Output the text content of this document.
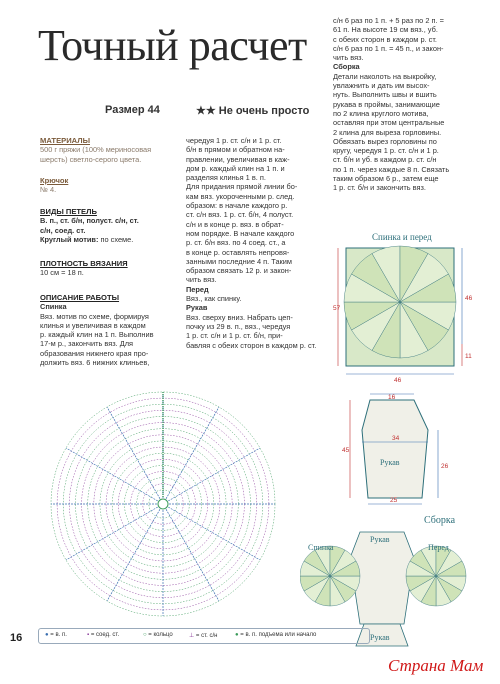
Точный расчет
Размер 44	★★ Не очень просто
МАТЕРИАЛЫ
500 г пряжи (100% мериносовая
шерсть) светло-серого цвета.
Крючок
№ 4.
ВИДЫ ПЕТЕЛЬ
В. п., ст. б/н, полуст. с/н, ст.
с/н, соед. ст.
Круглый мотив: по схеме.
ПЛОТНОСТЬ ВЯЗАНИЯ
10 см = 18 п.
ОПИСАНИЕ РАБОТЫ
Спинка
Вяз. мотив по схеме, формируя
клинья и увеличивая в каждом
р. каждый клин на 1 п. Выполнив
17-м р., закончить вяз. Для
образования нижнего края про-
должить вяз. 6 нижних клиньев,
чередуя 1 р. ст. с/н и 1 р. ст.
б/н в прямом и обратном на-
правлении, увеличивая в каж-
дом р. каждый клин на 1 п. и
разделяя клинья 1 в. п.
Для придания прямой линии бо-
кам вяз. укороченными р. след.
образом: в начале каждого р.
ст. с/н вяз. 1 р. ст. б/н, 4 полуст.
с/н и в конце р. вяз. в обрат-
ном порядке. В начале каждого
р. ст. б/н вяз. по 4 соед. ст., а
в конце р. оставлять непровя-
занными последние 4 п. Таким
образом связать 12 р. и закон-
чить вяз.
Перед
Вяз., как спинку.
Рукав
Вяз. сверху вниз. Набрать цеп-
почку из 29 в. п., вяз., чередуя
1 р. ст. с/н и 1 р. ст. б/н, при-
бавляя с обеих сторон в каждом р. ст.
с/н 6 раз по 1 п. + 5 раз по 2 п. =
61 п. На высоте 19 см вяз., уб.
с обеих сторон в каждом р. ст.
с/н 6 раз по 1 п. = 45 п., и закон-
чить вяз.
Сборка
Детали наколоть на выкройку,
увлажнить и дать им высох-
нуть. Выполнить швы и вшить
рукава в проймы, занимающие
по 2 клина круглого мотива,
оставляя при этом центральные
2 клина для выреза горловины.
Обвязать вырез горловины по
кругу, чередуя 1 р. ст. с/н и 1 р.
ст. б/н и уб. в каждом р. ст. с/н
по 1 п. через каждые 8 п. Связать
таким образом 6 р., затем еще
1 р. ст. б/н и закончить вяз.
Спинка и перед
57
46
11
46
16
34
45
26
25
Рукав
Сборка
Спинка
Рукав
Перед
Рукав
16	● = в. п.	▪ = соед. ст.	○ = кольцо	⊥ = ст. с/н	● = в. п. подъема или начало
Страна Мам
